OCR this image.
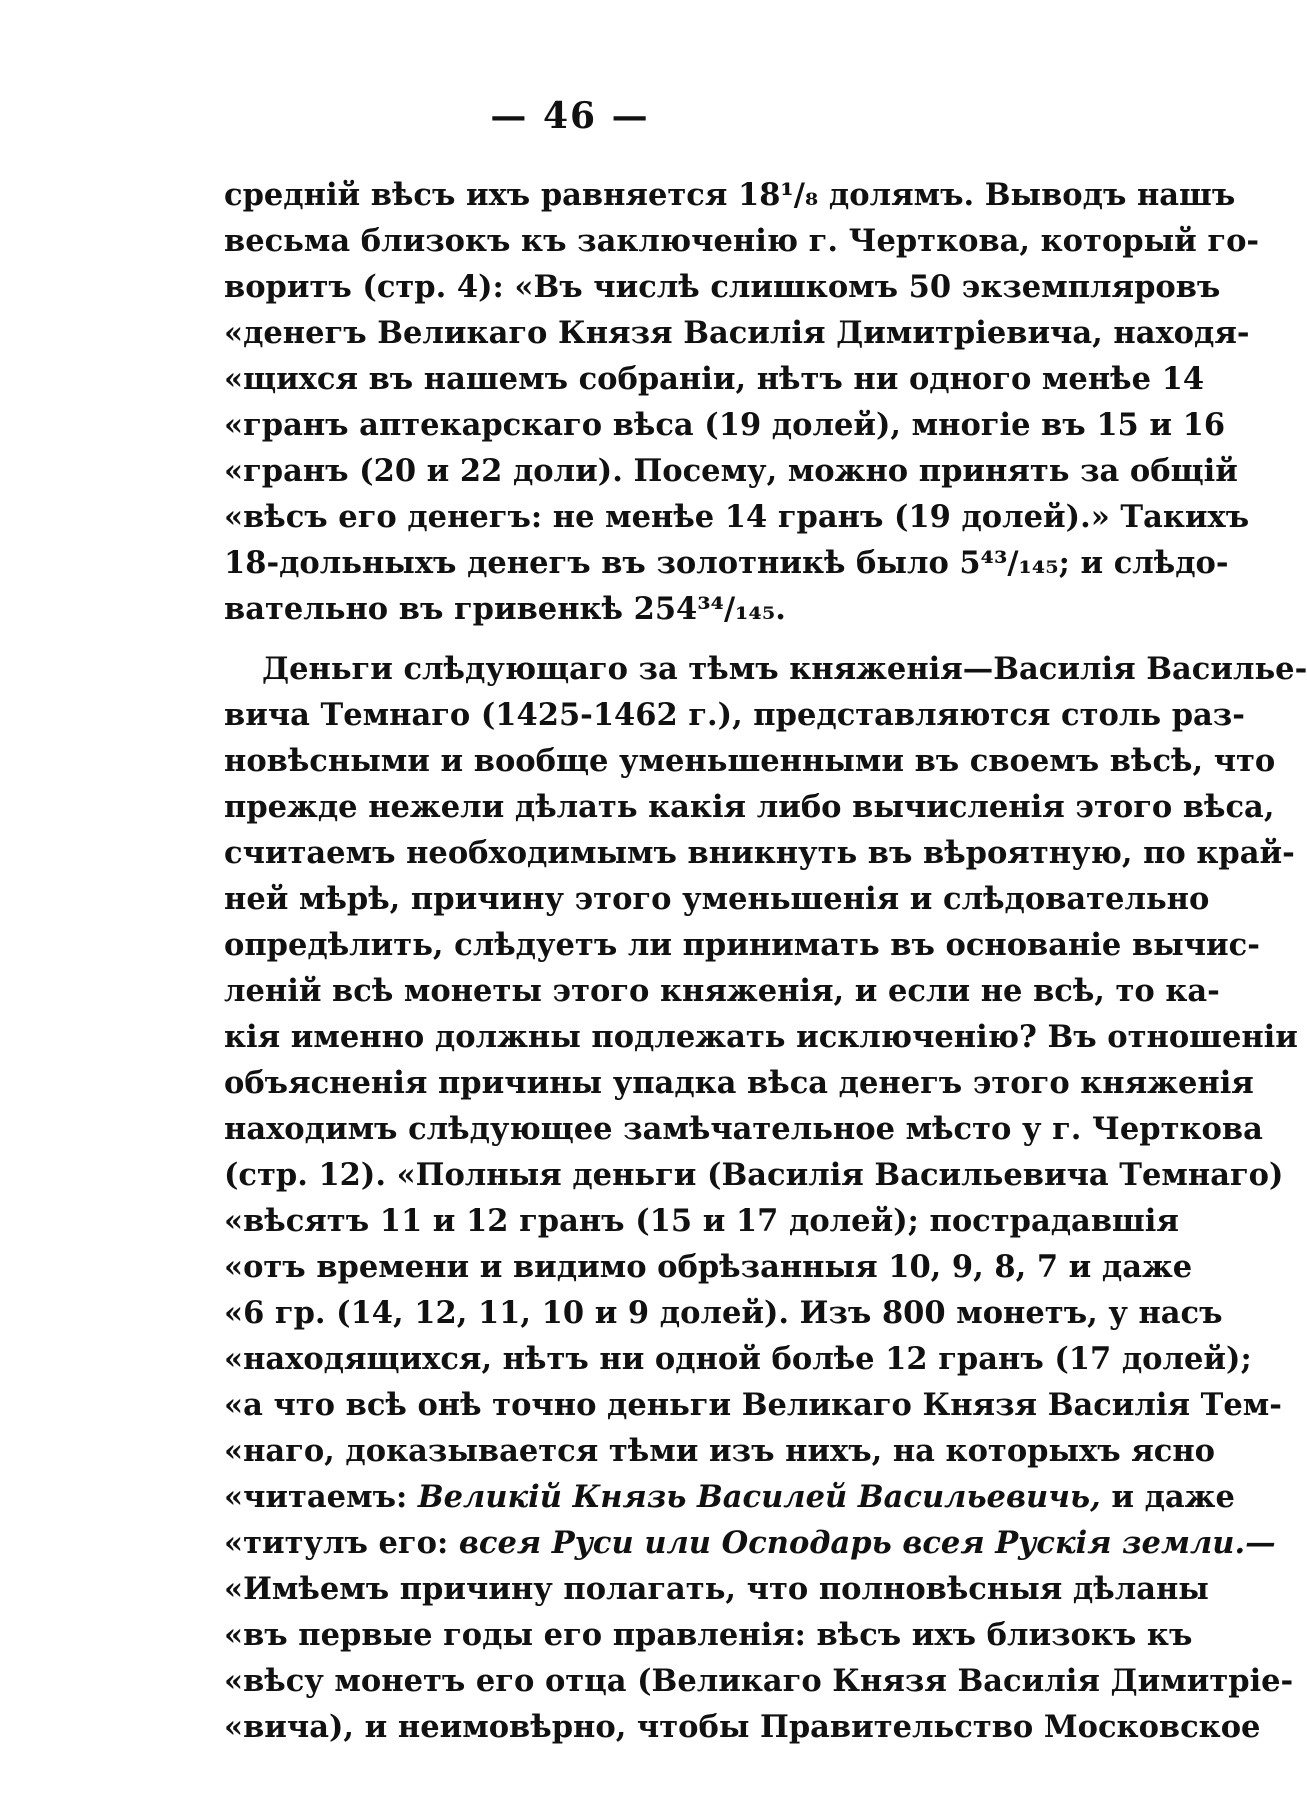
— 46 —
средній вѣсъ ихъ равняется 18¹/₈ долямъ. Выводъ нашъ
весьма близокъ къ заключенію г. Черткова, который го-
воритъ (стр. 4): «Въ числѣ слишкомъ 50 экземпляровъ
«денегъ Великаго Князя Василія Димитріевича, находя-
«щихся въ нашемъ собраніи, нѣтъ ни одного менѣе 14
«гранъ аптекарскаго вѣса (19 долей), многіе въ 15 и 16
«гранъ (20 и 22 доли). Посему, можно принять за общій
«вѣсъ его денегъ: не менѣе 14 гранъ (19 долей).» Такихъ
18-дольныхъ денегъ въ золотникѣ было 5⁴³/₁₄₅; и слѣдо-
вательно въ гривенкѣ 254³⁴/₁₄₅.
Деньги слѣдующаго за тѣмъ княженія—Василія Василье-
вича Темнаго (1425-1462 г.), представляются столь раз-
новѣсными и вообще уменьшенными въ своемъ вѣсѣ, что
прежде нежели дѣлать какія либо вычисленія этого вѣса,
считаемъ необходимымъ вникнуть въ вѣроятную, по край-
ней мѣрѣ, причину этого уменьшенія и слѣдовательно
опредѣлить, слѣдуетъ ли принимать въ основаніе вычис-
леній всѣ монеты этого княженія, и если не всѣ, то ка-
кія именно должны подлежать исключенію? Въ отношеніи
объясненія причины упадка вѣса денегъ этого княженія
находимъ слѣдующее замѣчательное мѣсто у г. Черткова
(стр. 12). «Полныя деньги (Василія Васильевича Темнаго)
«вѣсятъ 11 и 12 гранъ (15 и 17 долей); пострадавшія
«отъ времени и видимо обрѣзанныя 10, 9, 8, 7 и даже
«6 гр. (14, 12, 11, 10 и 9 долей). Изъ 800 монетъ, у насъ
«находящихся, нѣтъ ни одной болѣе 12 гранъ (17 долей);
«а что всѣ онѣ точно деньги Великаго Князя Василія Тем-
«наго, доказывается тѣми изъ нихъ, на которыхъ ясно
«читаемъ: Великій Князь Василей Васильевичь, и даже
«титулъ его: всея Руси или Осподарь всея Рускія земли.—
«Имѣемъ причину полагать, что полновѣсныя дѣланы
«въ первые годы его правленія: вѣсъ ихъ близокъ къ
«вѣсу монетъ его отца (Великаго Князя Василія Димитріе-
«вича), и неимовѣрно, чтобы Правительство Московское
